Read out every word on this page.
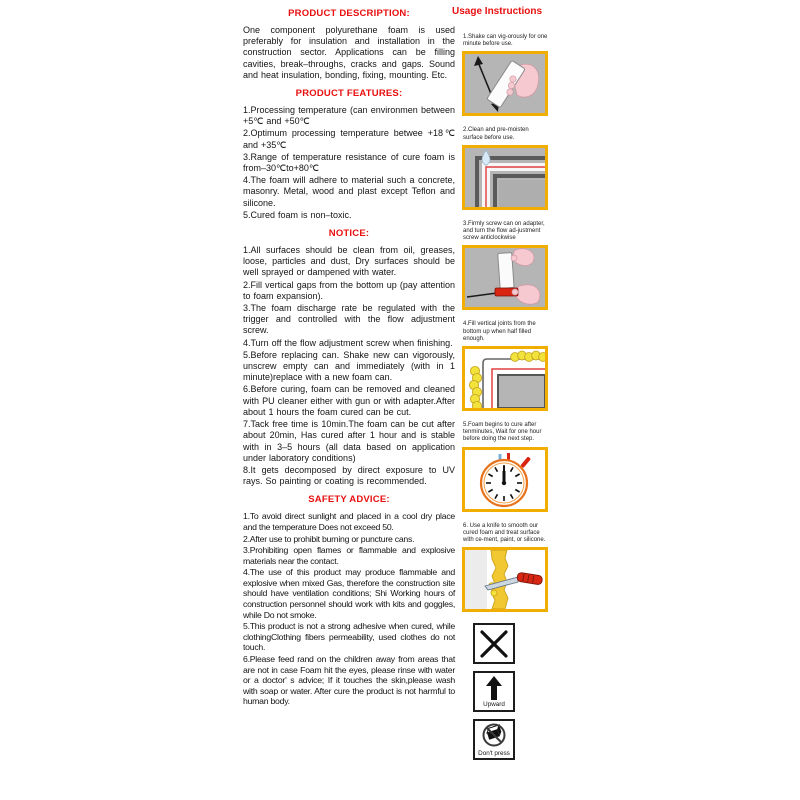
PRODUCT DESCRIPTION:

One component polyurethane foam is used preferably for insulation and installation in the construction sector. Applications can be filling cavities, break–throughs, cracks and gaps. Sound and heat insulation, bonding, fixing, mounting. Etc.

PRODUCT FEATURES:

1.Processing temperature (can environmen between +5℃ and +50℃

2.Optimum processing temperature betwee +18℃ and +35℃

3.Range of temperature resistance of cure foam is from–30℃to+80℃

4.The foam will adhere to material such a concrete, masonry. Metal, wood and plast except Teflon and silicone.

5.Cured foam is non–toxic.

NOTICE:

1.All surfaces should be clean from oil, greases, loose, particles and dust, Dry surfaces should be well sprayed or dampened with water.

2.Fill vertical gaps from the bottom up (pay attention to foam expansion).

3.The foam discharge rate be regulated with the trigger and controlled with the flow adjustment screw.

4.Turn off the flow adjustment screw when finishing.

5.Before replacing can. Shake new can vigorously, unscrew empty can and immediately (with in 1 minute)replace with a new foam can.

6.Before curing, foam can be removed and cleaned with PU cleaner either with gun or with adapter.After about 1 hours the foam cured can be cut.

7.Tack free time is 10min.The foam can be cut after about 20min, Has cured after 1 hour and is stable with in 3–5 hours (all data based on application under laboratory conditions)

8.It gets decomposed by direct exposure to UV rays. So painting or coating is recommended.

SAFETY ADVICE:

1.To avoid direct sunlight and placed in a cool dry place and the temperature Does not exceed 50.

2.After use to prohibit burning or puncture cans.

3.Prohibiting open flames or flammable and explosive materials near the contact.

4.The use of this product may produce flammable and explosive when mixed Gas, therefore the construction site should have ventilation conditions; Shi Working hours of construction personnel should work with kits and goggles, while Do not smoke.

5.This product is not a strong adhesive when cured, while clothingClothing fibers permeability, used clothes do not touch.

6.Please feed rand on the children away from areas that are not in case Foam hit the eyes, please rinse with water or a doctor' s advice; If it touches the skin,please wash with soap or water. After cure the product is not harmful to human body.

Usage Instructions
1.Shake can vig-orously for one minute before use.
2.Clean and pre-moisten surface before use.
3.Firmly screw can on adapter, and turn the flow ad-justment screw anticlockwise
4.Fill vertical joints from the bottom up when half filled enough.
5.Foam begins to cure after tenminutes, Wait for one hour before doing the next step.
6. Use a knife to smooth our cured foam and treat surface with ce-ment, paint, or silicone.
Upward
Don't press
